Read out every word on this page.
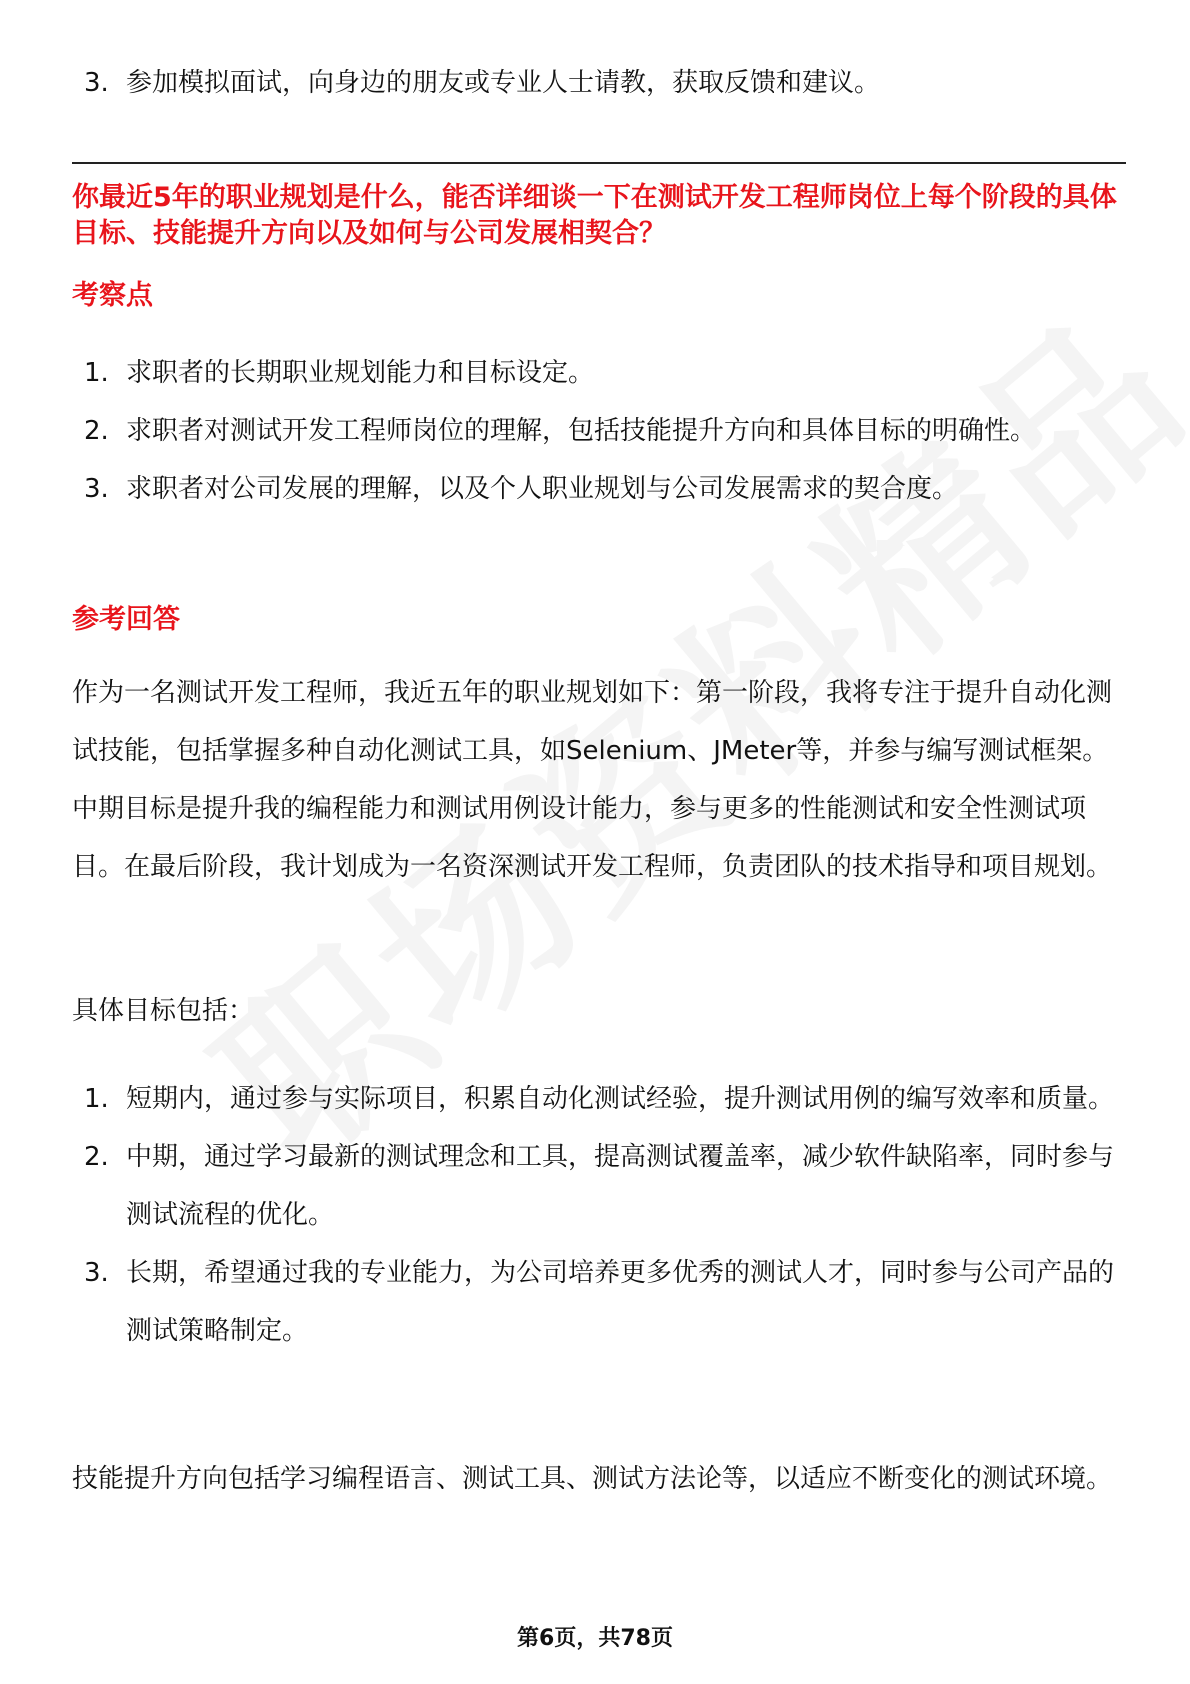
3. 参加模拟面试，向身边的朋友或专业人士请教，获取反馈和建议。
你最近5年的职业规划是什么，能否详细谈一下在测试开发工程师岗位上每个阶段的具体目标、技能提升方向以及如何与公司发展相契合？
考察点
1. 求职者的长期职业规划能力和目标设定。
2. 求职者对测试开发工程师岗位的理解，包括技能提升方向和具体目标的明确性。
3. 求职者对公司发展的理解，以及个人职业规划与公司发展需求的契合度。
参考回答

作为一名测试开发工程师，我近五年的职业规划如下：第一阶段，我将专注于提升自动化测试技能，包括掌握多种自动化测试工具，如Selenium、JMeter等，并参与编写测试框架。中期目标是提升我的编程能力和测试用例设计能力，参与更多的性能测试和安全性测试项目。在最后阶段，我计划成为一名资深测试开发工程师，负责团队的技术指导和项目规划。

具体目标包括：

1. 短期内，通过参与实际项目，积累自动化测试经验，提升测试用例的编写效率和质量。
2. 中期，通过学习最新的测试理念和工具，提高测试覆盖率，减少软件缺陷率，同时参与测试流程的优化。
3. 长期，希望通过我的专业能力，为公司培养更多优秀的测试人才，同时参与公司产品的测试策略制定。

技能提升方向包括学习编程语言、测试工具、测试方法论等，以适应不断变化的测试环境。

第6页，共78页
